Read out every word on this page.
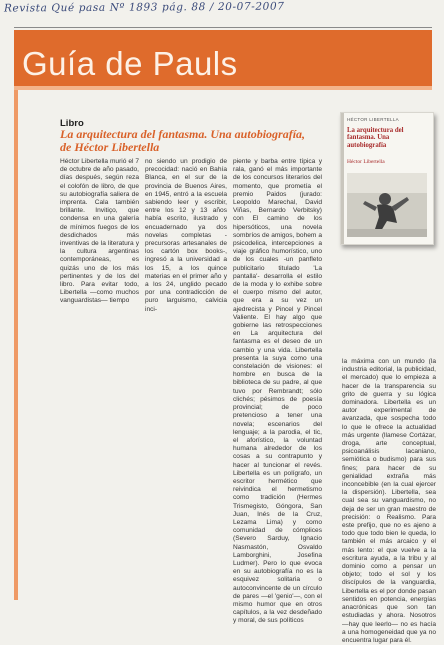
Revista Qué pasa Nº 1893 pág. 88 / 20-07-2007
Guía de Pauls
Libro
La arquitectura del fantasma. Una autobiografía,
de Héctor Libertella

Héctor Libertella murió el 7 de octubre de año pasado, días después, según reza el colofón de libro, de que su autobiografía saliera de imprenta. Cala también brillante. Invitiço, que condensa en una galería de mínimos fuegos de los desdichados más inventivas de la literatura y la cultura argentinas contemporáneas, es quizás uno de los más pertinentes y de los del libro. Para evitar todo, Libertella —como muchos vanguardistas— tiempo

no siendo un prodigio de precocidad: nació en Bahía Blanca, en el sur de la provincia de Buenos Aires, en 1945, entró a la escuela sabiendo leer y escribir, entre los 12 y 13 años había escrito, ilustrado y encuadernado ya dos novelas completas -precursoras artesanales de los cartón box books-, ingresó a la universidad a los 15, a los quince materias en el primer año y a los 24, unglido pecado por una contradicción de puro larguismo, calvicia inci-

piente y barba entre típica y rala, ganó el más importante de los concursos literarios del momento, que prometía el premio Paidos (jurado: Leopoldo Marechal, David Viñas, Bernardo Verbitsky) con El camino de los hipersóticos, una novela sombríos de amigos, bohem a psicodelica, intercepciones a viaje gráfico humorístico, uno de los cuales -un panfleto publicitario titulado 'La pantalla'- desarrolla el estilo de la moda y lo exhibe sobre el cuerpo mismo del autor, que era a su vez un ajedrecista y Pincel y Pincel Valiente. El hay algo que gobierne las retrospecciones en La arquitectura del fantasma es el deseo de un cambio y una vida. Libertella presenta la suya como una constelación de visiones: el hombre en busca de la biblioteca de su padre, al que tuvo por Rembrandt; sólo clichés; pésimos de poesía provincial; de poco pretencioso a tener una novela; escenarios del lenguaje; a la parodia, el tic, el aforístico, la voluntad humana alrededor de los cosas a su contrapunto y hacer al tuncionar el revés. Libertella es un polígrafo, un escritor hermético que reivindica el hermetismo como tradición (Hermes Trismegisto, Góngora, San Juan, Inés de la Cruz, Lezama Lima) y como comunidad de cómplices (Severo Sarduy, Ignacio Nasmastón, Osvaldo Lamborghini, Josefina Ludmer). Pero lo que evoca en su autobiografía no es la esquivez solitaria o autoconvincente de un círculo de pares —el 'genio'—, con el mismo humor que en otros capítulos, a la vez desdeñado y moral, de sus políticos

la máxima con un mundo (la industria editorial, la publicidad, el mercado) que lo empieza a hacer de la transparencia su grito de guerra y su lógica dominadora. Libertella es un autor experimental de avanzada, que sospecha todo lo que le ofrece la actualidad más urgente (llamese Cortázar, droga, arte conceptual, psicoanálisis lacaniano, semiótica o budismo) para sus fines; para hacer de su genialidad extraña más inconcebible (en la cual ejercer la dispersión). Libertella, sea cual sea su vanguardismo, no deja de ser un gran maestro de precisión: o Realismo. Para este prefijo, que no es ajeno a todo que todo bien le queda, lo también el más arcaico y el más lento: el que vuelve a la escritura ayuda, a la tribu y al dominio como a pensar un objeto; todo el sol y los discípulos de la vanguardia, Libertella es el por donde pasan sentidos en potencia, energías anacrónicas que son tan estudiadas y ahora. Nosotros —hay que leerlo— no es hacía a una homogeneidad que ya no encuentra lugar para él.

HÉCTOR LIBERTELLA
La arquitectura del fantasma. Una autobiografía
Héctor Libertella
